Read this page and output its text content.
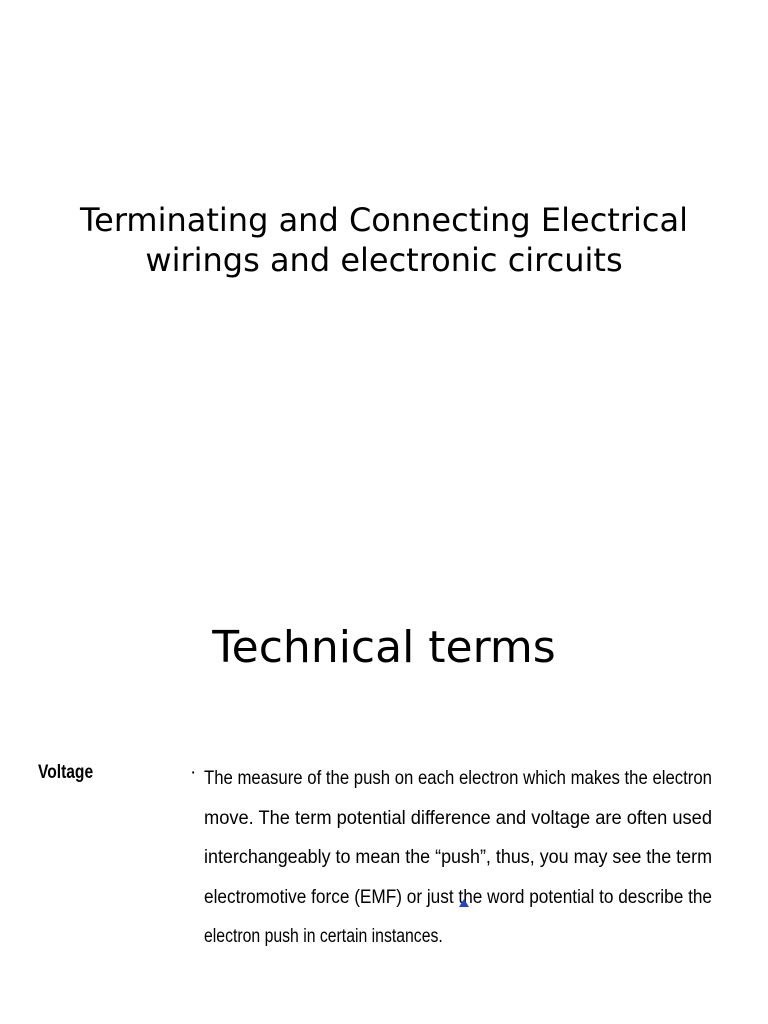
Terminating and Connecting Electrical
wirings and electronic circuits
Technical terms
Voltage	· The measure of the push on each electron which makes the electron
move. The term potential difference and voltage are often used
interchangeably to mean the “push”, thus, you may see the term
electromotive force (EMF) or just the word potential to describe the
electron push in certain instances.
